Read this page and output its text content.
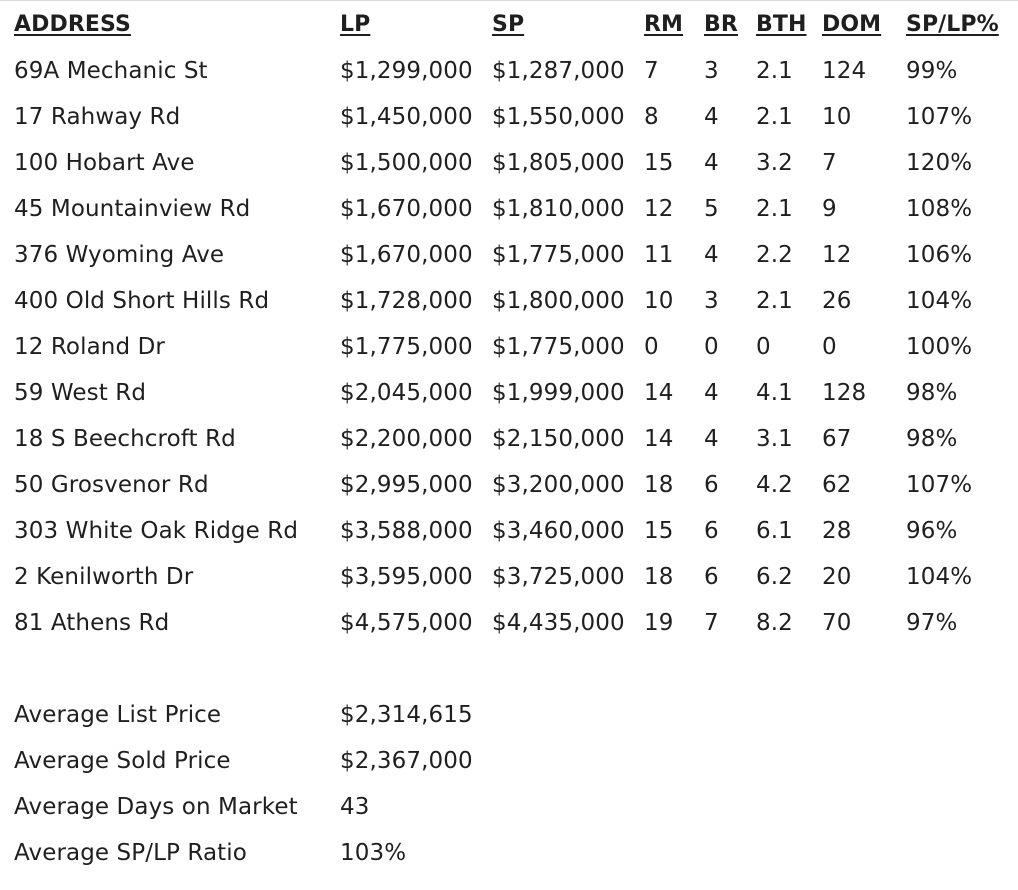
ADDRESS	LP	SP	RM	BR	BTH	DOM	SP/LP%
69A Mechanic St	$1,299,000	$1,287,000	7	3	2.1	124	99%
17 Rahway Rd	$1,450,000	$1,550,000	8	4	2.1	10	107%
100 Hobart Ave	$1,500,000	$1,805,000	15	4	3.2	7	120%
45 Mountainview Rd	$1,670,000	$1,810,000	12	5	2.1	9	108%
376 Wyoming Ave	$1,670,000	$1,775,000	11	4	2.2	12	106%
400 Old Short Hills Rd	$1,728,000	$1,800,000	10	3	2.1	26	104%
12 Roland Dr	$1,775,000	$1,775,000	0	0	0	0	100%
59 West Rd	$2,045,000	$1,999,000	14	4	4.1	128	98%
18 S Beechcroft Rd	$2,200,000	$2,150,000	14	4	3.1	67	98%
50 Grosvenor Rd	$2,995,000	$3,200,000	18	6	4.2	62	107%
303 White Oak Ridge Rd	$3,588,000	$3,460,000	15	6	6.1	28	96%
2 Kenilworth Dr	$3,595,000	$3,725,000	18	6	6.2	20	104%
81 Athens Rd	$4,575,000	$4,435,000	19	7	8.2	70	97%
Average List Price	$2,314,615
Average Sold Price	$2,367,000
Average Days on Market	43
Average SP/LP Ratio	103%
